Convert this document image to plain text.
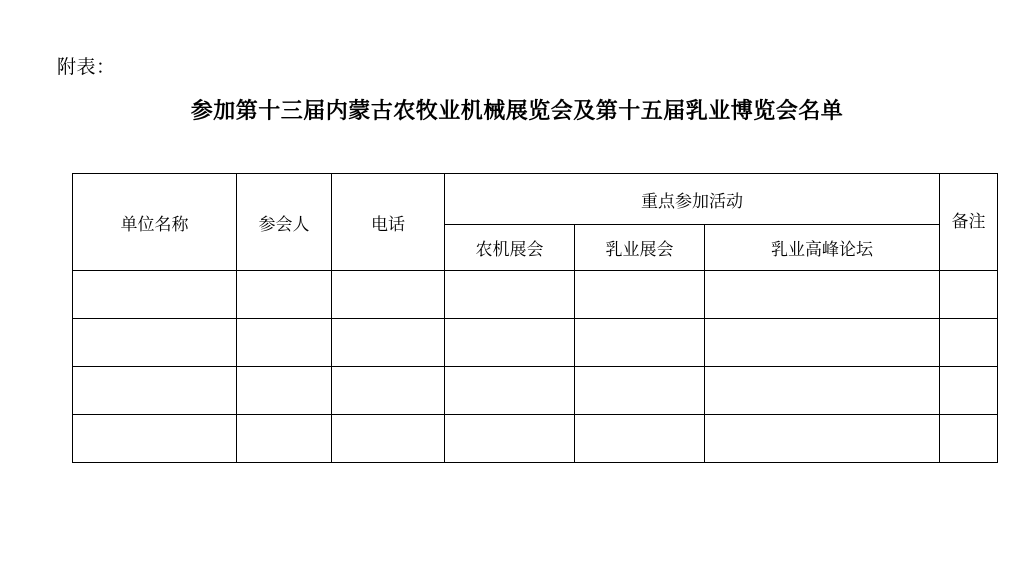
附表：
参加第十三届内蒙古农牧业机械展览会及第十五届乳业博览会名单
单位名称	参会人	电话	重点参加活动			备注
			农机展会	乳业展会	乳业高峰论坛	
